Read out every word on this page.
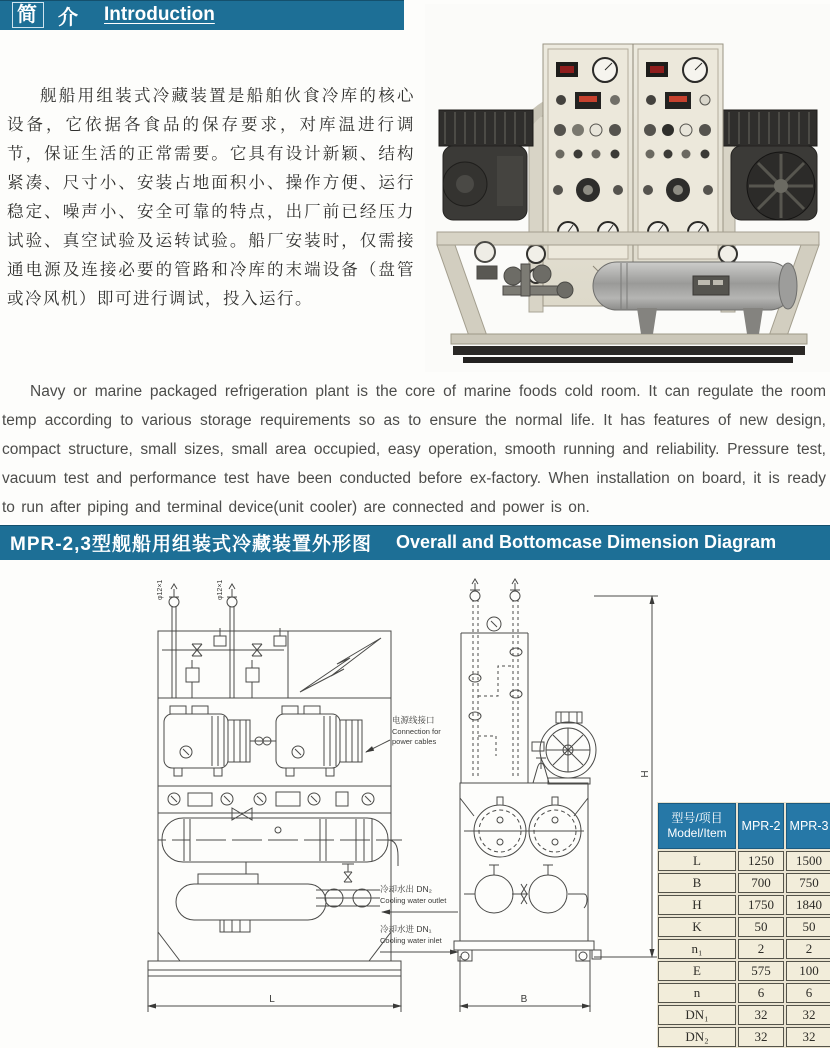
简 介 Introduction
舰船用组装式冷藏装置是船舶伙食冷库的核心设备，它依据各食品的保存要求，对库温进行调节，保证生活的正常需要。它具有设计新颖、结构紧凑、尺寸小、安装占地面积小、操作方便、运行稳定、噪声小、安全可靠的特点，出厂前已经压力试验、真空试验及运转试验。船厂安装时，仅需接通电源及连接必要的管路和冷库的末端设备（盘管或冷风机）即可进行调试，投入运行。
Navy or marine packaged refrigeration plant is the core of marine foods cold room. It can regulate the room temp according to various storage requirements so as to ensure the normal life. It has features of new design, compact structure, small sizes, small area occupied, easy operation, smooth running and reliability. Pressure test, vacuum test and performance test have been conducted before ex-factory. When installation on board, it is ready to run after piping and terminal device(unit cooler) are connected and power is on.
MPR-2,3型舰船用组装式冷藏装置外形图 Overall and Bottomcase Dimension Diagram
L
φ12×1	φ12×1
B
H
电源线接口
Connection for
power cables
冷却水出 DN₂
Cooling water outlet
冷却水进 DN₁
Cooling water inlet
型号/项目
Model/Item
MPR-2 MPR-3
L	1250	1500
B	700	750
H	1750	1840
K	50	50
n₁	2	2
E	575	100
n	6	6
DN₁	32	32
DN₂	32	32
